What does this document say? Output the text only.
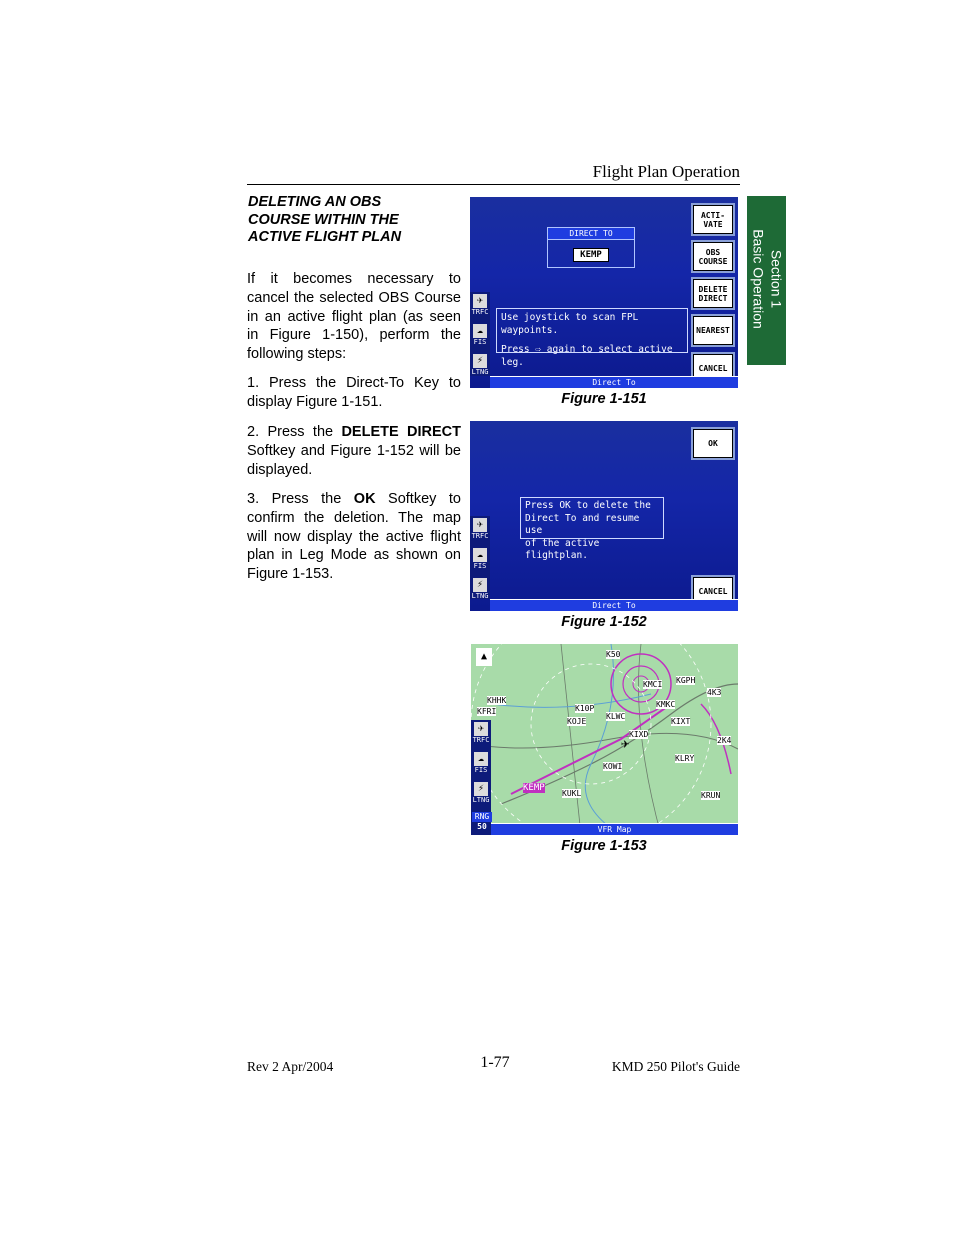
Flight Plan Operation
Section 1
Basic Operation
DELETING AN OBS
COURSE WITHIN THE
ACTIVE FLIGHT PLAN
If it becomes necessary to cancel the selected OBS Course in an active flight plan (as seen in Figure 1-150), perform the following steps:
1. Press the Direct-To Key to display Figure 1-151.
2. Press the DELETE DIRECT Softkey and Figure 1-152 will be displayed.
3. Press the OK Softkey to confirm the deletion. The map will now display the active flight plan in Leg Mode as shown on Figure 1-153.
DIRECT TO
KEMP
Use joystick to scan FPL waypoints.
Press ⇨ again to select active leg.
ACTI-
VATE
OBS
COURSE
DELETE
DIRECT
NEAREST
CANCEL
✈
TRFC
☁
FIS
⚡
LTNG
Direct To
Figure 1-151
Press OK to delete the
Direct To and resume use
of the active flightplan.
OK
CANCEL
✈
TRFC
☁
FIS
⚡
LTNG
Direct To
Figure 1-152
▲	K50
KMCI KGPH
4K3
KMKC
KFRI
KHHK
K10P
KOJE
KLWC
KIXT
KIXD
KEMP
KUKL
KOWI
KLRY
KRUN
2K4
✈
✈
TRFC
☁
FIS
⚡
LTNG
RNG
50	VFR Map
Figure 1-153
Rev 2 Apr/2004	1-77	KMD 250 Pilot's Guide
